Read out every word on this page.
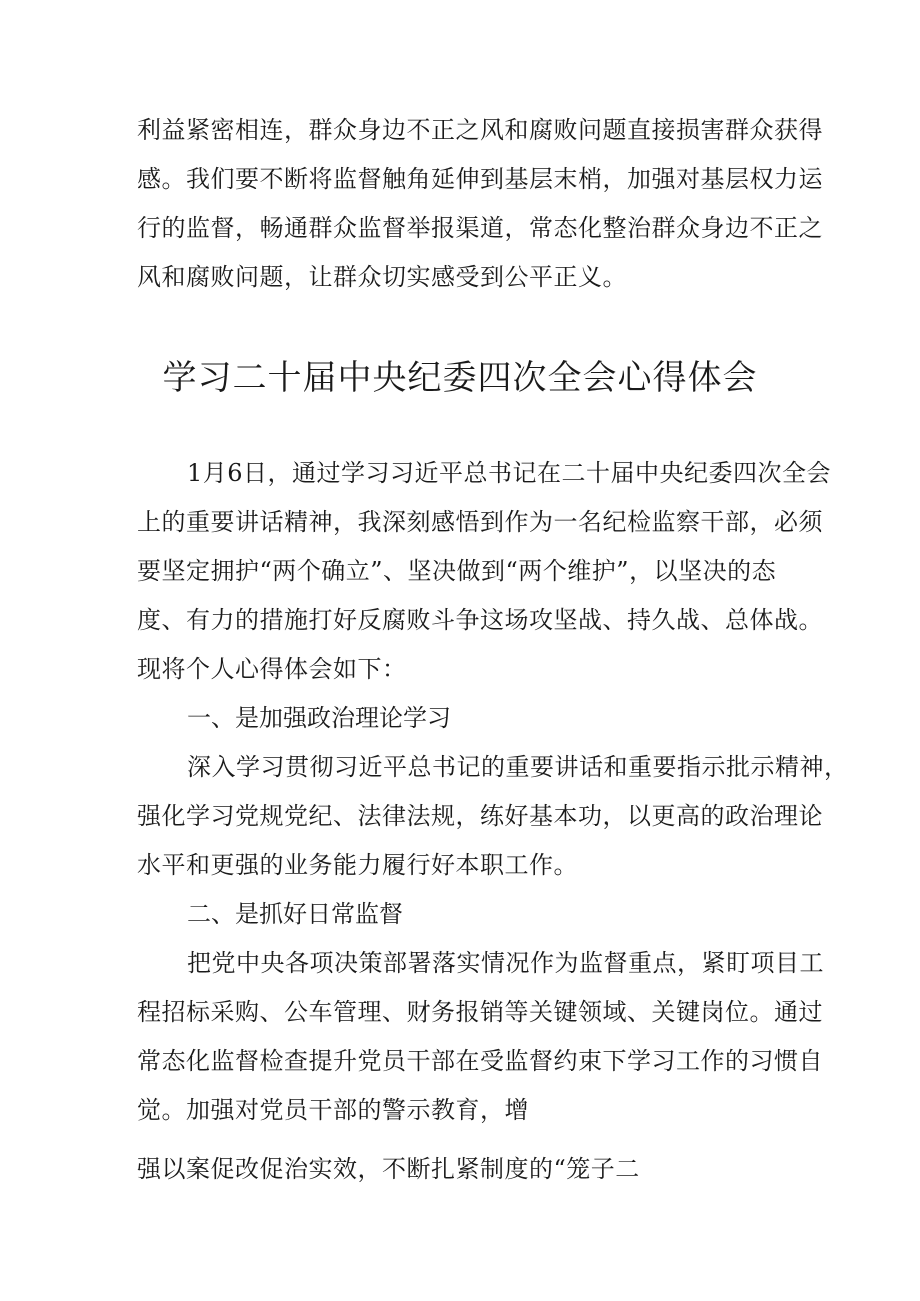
利益紧密相连，群众身边不正之风和腐败问题直接损害群众获得
感。我们要不断将监督触角延伸到基层末梢，加强对基层权力运
行的监督，畅通群众监督举报渠道，常态化整治群众身边不正之
风和腐败问题，让群众切实感受到公平正义。
学习二十届中央纪委四次全会心得体会
1月6日，通过学习习近平总书记在二十届中央纪委四次全会
上的重要讲话精神，我深刻感悟到作为一名纪检监察干部，必须
要坚定拥护“两个确立”、坚决做到“两个维护”，以坚决的态
度、有力的措施打好反腐败斗争这场攻坚战、持久战、总体战。
现将个人心得体会如下：
一、是加强政治理论学习
深入学习贯彻习近平总书记的重要讲话和重要指示批示精神，
强化学习党规党纪、法律法规，练好基本功，以更高的政治理论
水平和更强的业务能力履行好本职工作。
二、是抓好日常监督
把党中央各项决策部署落实情况作为监督重点，紧盯项目工
程招标采购、公车管理、财务报销等关键领域、关键岗位。通过
常态化监督检查提升党员干部在受监督约束下学习工作的习惯自
觉。加强对党员干部的警示教育，增
强以案促改促治实效，不断扎紧制度的“笼子二
